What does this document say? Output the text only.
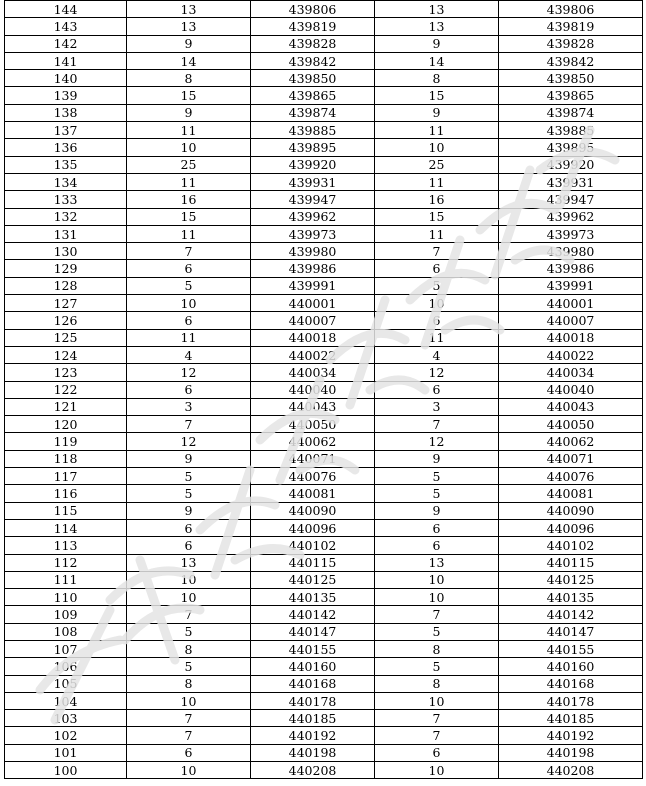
144	13	439806	13	439806
143	13	439819	13	439819
142	9	439828	9	439828
141	14	439842	14	439842
140	8	439850	8	439850
139	15	439865	15	439865
138	9	439874	9	439874
137	11	439885	11	439885
136	10	439895	10	439895
135	25	439920	25	439920
134	11	439931	11	439931
133	16	439947	16	439947
132	15	439962	15	439962
131	11	439973	11	439973
130	7	439980	7	439980
129	6	439986	6	439986
128	5	439991	5	439991
127	10	440001	10	440001
126	6	440007	6	440007
125	11	440018	11	440018
124	4	440022	4	440022
123	12	440034	12	440034
122	6	440040	6	440040
121	3	440043	3	440043
120	7	440050	7	440050
119	12	440062	12	440062
118	9	440071	9	440071
117	5	440076	5	440076
116	5	440081	5	440081
115	9	440090	9	440090
114	6	440096	6	440096
113	6	440102	6	440102
112	13	440115	13	440115
111	10	440125	10	440125
110	10	440135	10	440135
109	7	440142	7	440142
108	5	440147	5	440147
107	8	440155	8	440155
106	5	440160	5	440160
105	8	440168	8	440168
104	10	440178	10	440178
103	7	440185	7	440185
102	7	440192	7	440192
101	6	440198	6	440198
100	10	440208	10	440208
